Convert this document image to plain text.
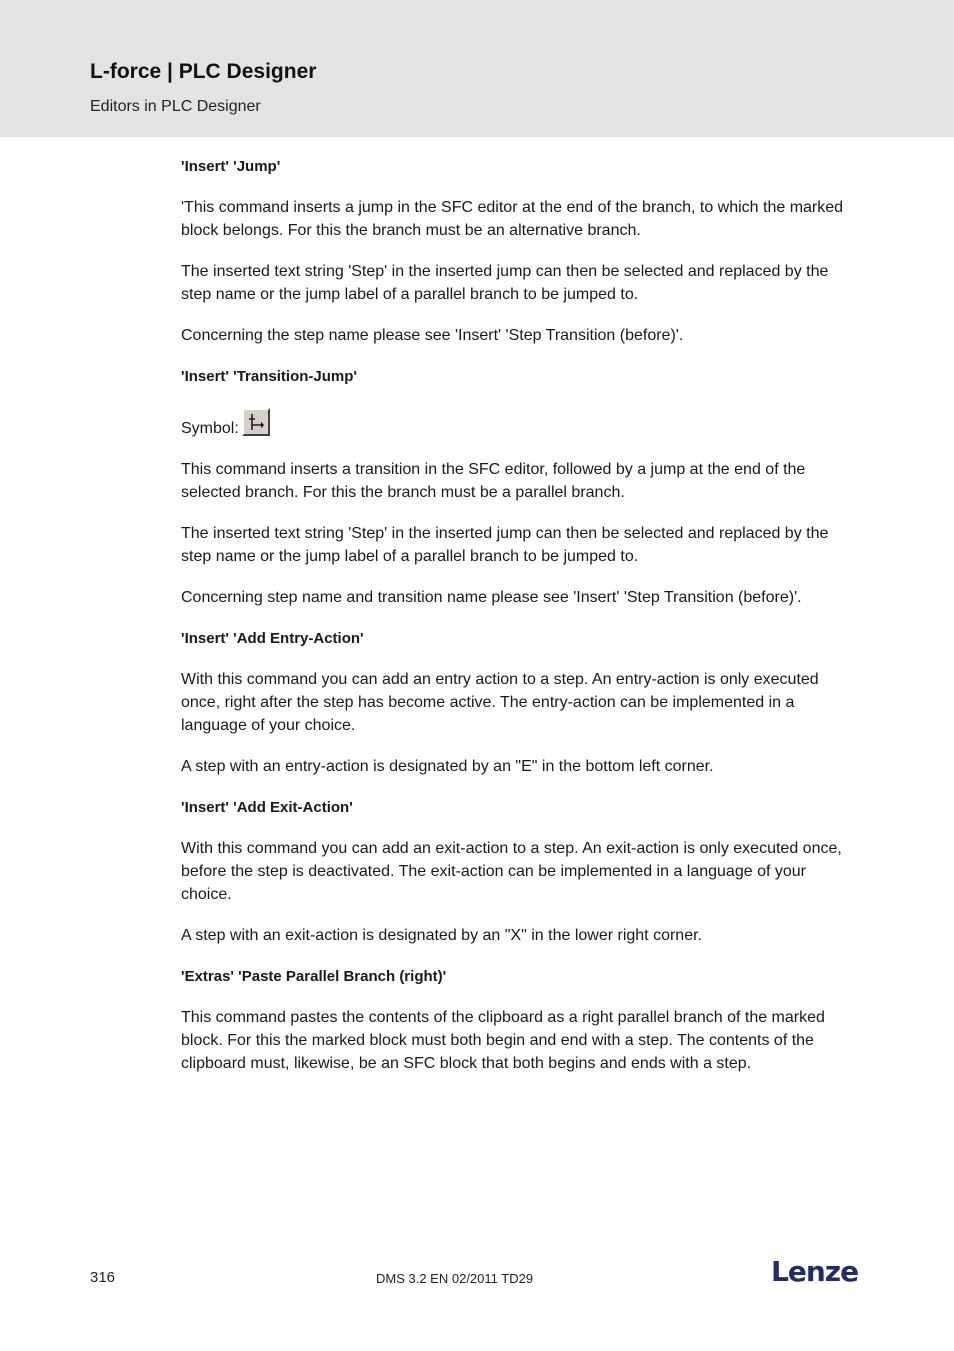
L-force | PLC Designer
Editors in PLC Designer
'Insert' 'Jump'

'This command inserts a jump in the SFC editor at the end of the branch, to which the marked block belongs. For this the branch must be an alternative branch.

The inserted text string 'Step' in the inserted jump can then be selected and replaced by the step name or the jump label of a parallel branch to be jumped to.

Concerning the step name please see 'Insert' 'Step Transition (before)'.

'Insert' 'Transition-Jump'
Symbol:

This command inserts a transition in the SFC editor, followed by a jump at the end of the selected branch. For this the branch must be a parallel branch.

The inserted text string 'Step' in the inserted jump can then be selected and replaced by the step name or the jump label of a parallel branch to be jumped to.

Concerning step name and transition name please see 'Insert' 'Step Transition (before)'.

'Insert' 'Add Entry-Action'

With this command you can add an entry action to a step. An entry-action is only executed once, right after the step has become active. The entry-action can be implemented in a language of your choice.

A step with an entry-action is designated by an "E" in the bottom left corner.

'Insert' 'Add Exit-Action'

With this command you can add an exit-action to a step. An exit-action is only executed once, before the step is deactivated. The exit-action can be implemented in a language of your choice.

A step with an exit-action is designated by an "X" in the lower right corner.

'Extras' 'Paste Parallel Branch (right)'

This command pastes the contents of the clipboard as a right parallel branch of the marked block. For this the marked block must both begin and end with a step. The contents of the clipboard must, likewise, be an SFC block that both begins and ends with a step.

316	DMS 3.2 EN 02/2011 TD29	Lenze
